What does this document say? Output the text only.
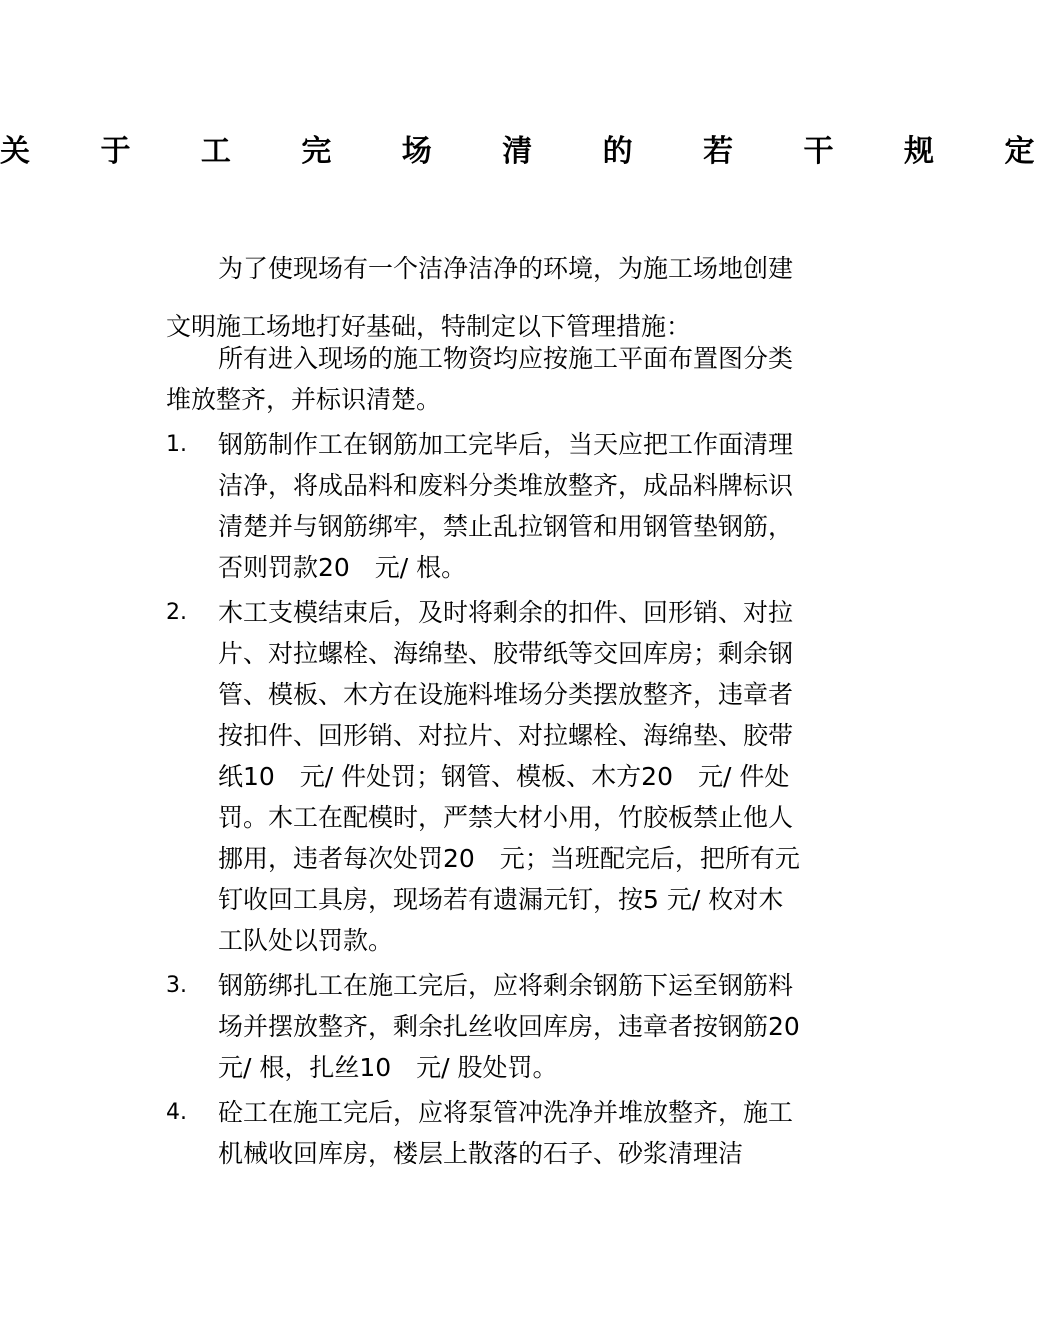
关 于 工 完 场 清 的 若 干 规 定
为了使现场有一个洁净洁净的环境，为施工场地创建文明施工场地打好基础，特制定以下管理措施：
所有进入现场的施工物资均应按施工平面布置图分类堆放整齐，并标识清楚。
1.	钢筋制作工在钢筋加工完毕后，当天应把工作面清理洁净，将成品料和废料分类堆放整齐，成品料牌标识清楚并与钢筋绑牢，禁止乱拉钢管和用钢管垫钢筋，否则罚款20　元/ 根。
2.	木工支模结束后，及时将剩余的扣件、回形销、对拉片、对拉螺栓、海绵垫、胶带纸等交回库房；剩余钢管、模板、木方在设施料堆场分类摆放整齐，违章者按扣件、回形销、对拉片、对拉螺栓、海绵垫、胶带纸10　元/ 件处罚；钢管、模板、木方20　元/ 件处罚。木工在配模时，严禁大材小用，竹胶板禁止他人挪用，违者每次处罚20　元；当班配完后，把所有元钉收回工具房，现场若有遗漏元钉，按5 元/ 枚对木工队处以罚款。
3.	钢筋绑扎工在施工完后，应将剩余钢筋下运至钢筋料场并摆放整齐，剩余扎丝收回库房，违章者按钢筋20　元/ 根，扎丝10　元/ 股处罚。
4.	砼工在施工完后，应将泵管冲洗净并堆放整齐，施工机械收回库房，楼层上散落的石子、砂浆清理洁
